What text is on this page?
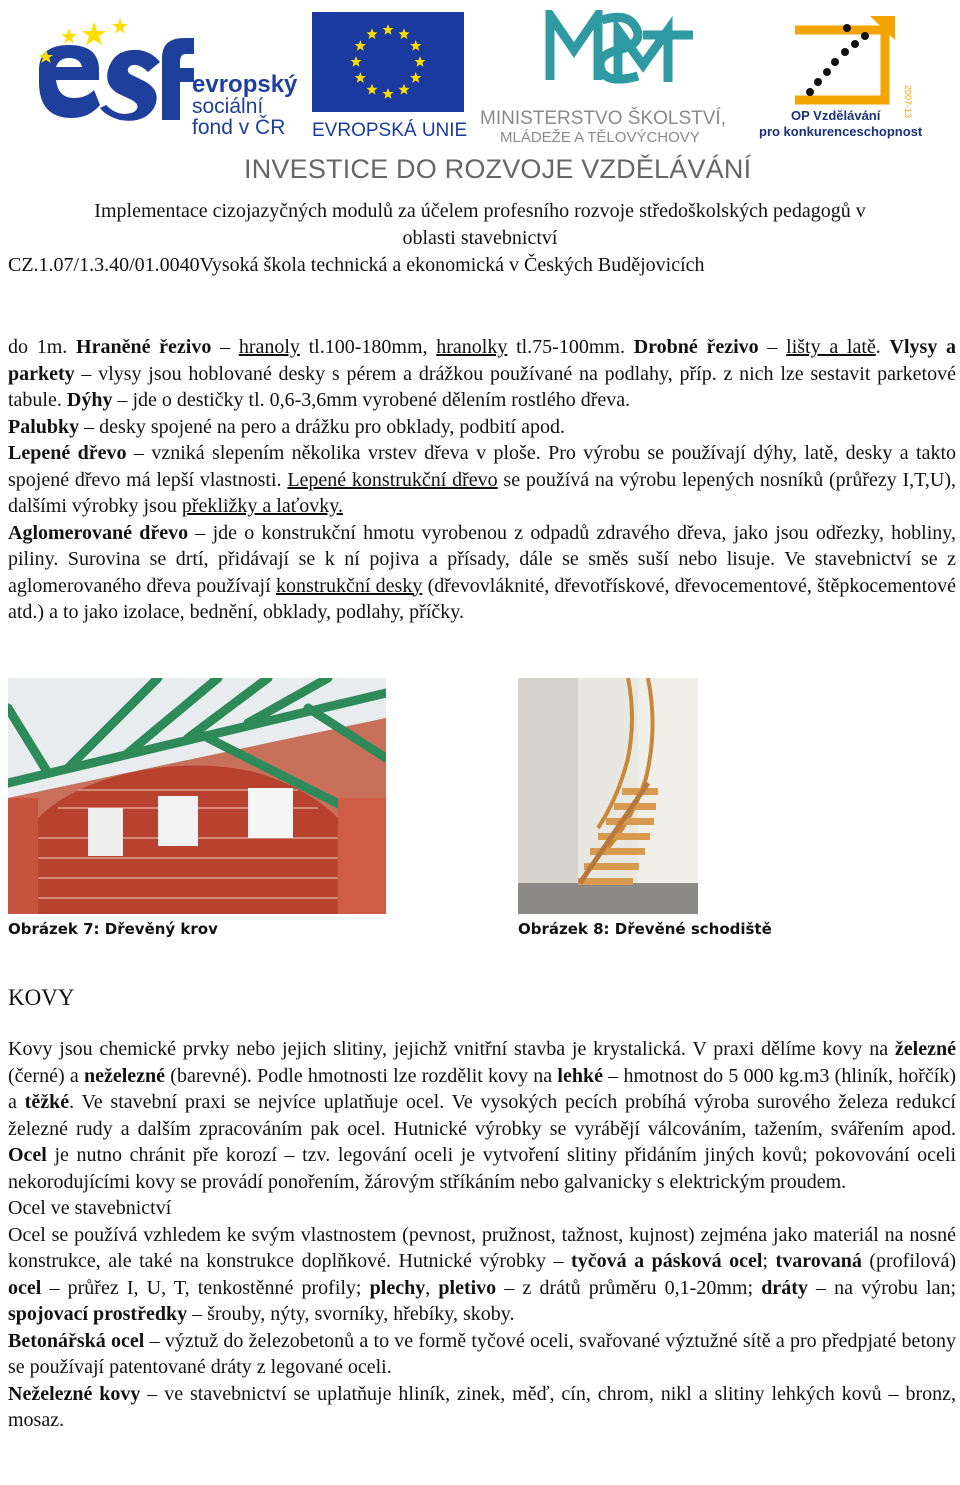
evropský
sociální
fond v ČR EVROPSKÁ UNIE
MINISTERSTVO ŠKOLSTVÍ,
MLÁDEŽE A TĚLOVÝCHOVY
2007-13
OP Vzdělávání
pro konkurenceschopnost
INVESTICE DO ROZVOJE VZDĚLÁVÁNÍ
Implementace cizojazyčných modulů za účelem profesního rozvoje středoškolských pedagogů v
oblasti stavebnictví
CZ.1.07/1.3.40/01.0040Vysoká škola technická a ekonomická v Českých Budějovicích

do 1m. Hraněné řezivo – hranoly tl.100-180mm, hranolky tl.75-100mm. Drobné řezivo – lišty a latě. Vlysy a parkety – vlysy jsou hoblované desky s pérem a drážkou používané na podlahy, příp. z nich lze sestavit parketové tabule. Dýhy – jde o destičky tl. 0,6-3,6mm vyrobené dělením rostlého dřeva.

Palubky – desky spojené na pero a drážku pro obklady, podbití apod.

Lepené dřevo – vzniká slepením několika vrstev dřeva v ploše. Pro výrobu se používají dýhy, latě, desky a takto spojené dřevo má lepší vlastnosti. Lepené konstrukční dřevo se používá na výrobu lepených nosníků (průřezy I,T,U), dalšími výrobky jsou překližky a laťovky.

Aglomerované dřevo – jde o konstrukční hmotu vyrobenou z odpadů zdravého dřeva, jako jsou odřezky, hobliny, piliny. Surovina se drtí, přidávají se k ní pojiva a přísady, dále se směs suší nebo lisuje. Ve stavebnictví se z aglomerovaného dřeva používají konstrukční desky (dřevovláknité, dřevotřískové, dřevocementové, štěpkocementové atd.) a to jako izolace, bednění, obklady, podlahy, příčky.

Obrázek 7: Dřevěný krov	Obrázek 8: Dřevěné schodiště
KOVY

Kovy jsou chemické prvky nebo jejich slitiny, jejichž vnitřní stavba je krystalická. V praxi dělíme kovy na železné (černé) a neželezné (barevné). Podle hmotnosti lze rozdělit kovy na lehké – hmotnost do 5 000 kg.m3 (hliník, hořčík) a těžké. Ve stavební praxi se nejvíce uplatňuje ocel. Ve vysokých pecích probíhá výroba surového železa redukcí železné rudy a dalším zpracováním pak ocel. Hutnické výrobky se vyrábějí válcováním, tažením, svářením apod. Ocel je nutno chránit pře korozí – tzv. legování oceli je vytvoření slitiny přidáním jiných kovů; pokovování oceli nekorodujícími kovy se provádí ponořením, žárovým stříkáním nebo galvanicky s elektrickým proudem.

Ocel ve stavebnictví

Ocel se používá vzhledem ke svým vlastnostem (pevnost, pružnost, tažnost, kujnost) zejména jako materiál na nosné konstrukce, ale také na konstrukce doplňkové. Hutnické výrobky – tyčová a pásková ocel; tvarovaná (profilová) ocel – průřez I, U, T, tenkostěnné profily; plechy, pletivo – z drátů průměru 0,1-20mm; dráty – na výrobu lan; spojovací prostředky – šrouby, nýty, svorníky, hřebíky, skoby.

Betonářská ocel – výztuž do železobetonů a to ve formě tyčové oceli, svařované výztužné sítě a pro předpjaté betony se používají patentované dráty z legované oceli.

Neželezné kovy – ve stavebnictví se uplatňuje hliník, zinek, měď, cín, chrom, nikl a slitiny lehkých kovů – bronz, mosaz.
